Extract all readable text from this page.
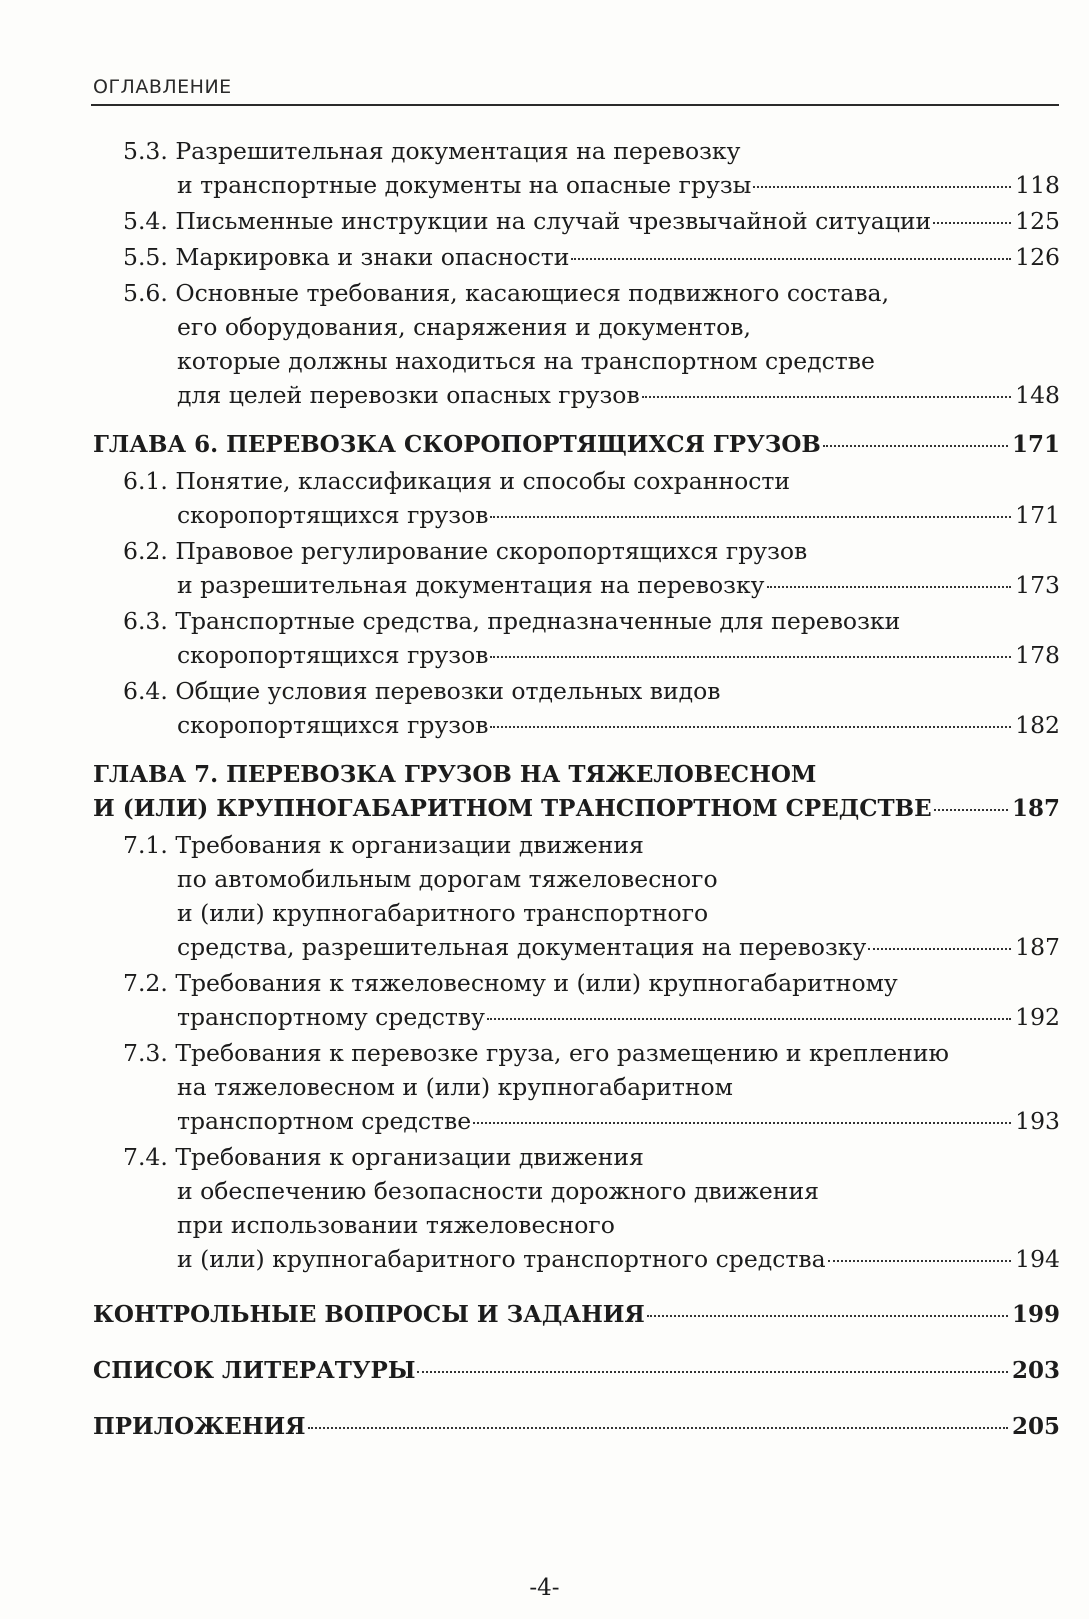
ОГЛАВЛЕНИЕ
5.3. Разрешительная документация на перевозку
и транспортные документы на опасные грузы	118
5.4. Письменные инструкции на случай чрезвычайной ситуации	125
5.5. Маркировка и знаки опасности	126
5.6. Основные требования, касающиеся подвижного состава,
его оборудования, снаряжения и документов,
которые должны находиться на транспортном средстве
для целей перевозки опасных грузов	148
ГЛАВА 6. ПЕРЕВОЗКА СКОРОПОРТЯЩИХСЯ ГРУЗОВ	171
6.1. Понятие, классификация и способы сохранности
скоропортящихся грузов	171
6.2. Правовое регулирование скоропортящихся грузов
и разрешительная документация на перевозку	173
6.3. Транспортные средства, предназначенные для перевозки
скоропортящихся грузов	178
6.4. Общие условия перевозки отдельных видов
скоропортящихся грузов	182
ГЛАВА 7. ПЕРЕВОЗКА ГРУЗОВ НА ТЯЖЕЛОВЕСНОМ
И (ИЛИ) КРУПНОГАБАРИТНОМ ТРАНСПОРТНОМ СРЕДСТВЕ	187
7.1. Требования к организации движения
по автомобильным дорогам тяжеловесного
и (или) крупногабаритного транспортного
средства, разрешительная документация на перевозку	187
7.2. Требования к тяжеловесному и (или) крупногабаритному
транспортному средству	192
7.3. Требования к перевозке груза, его размещению и креплению
на тяжеловесном и (или) крупногабаритном
транспортном средстве	193
7.4. Требования к организации движения
и обеспечению безопасности дорожного движения
при использовании тяжеловесного
и (или) крупногабаритного транспортного средства	194
КОНТРОЛЬНЫЕ ВОПРОСЫ И ЗАДАНИЯ	199
СПИСОК ЛИТЕРАТУРЫ	203
ПРИЛОЖЕНИЯ	205
-4-
